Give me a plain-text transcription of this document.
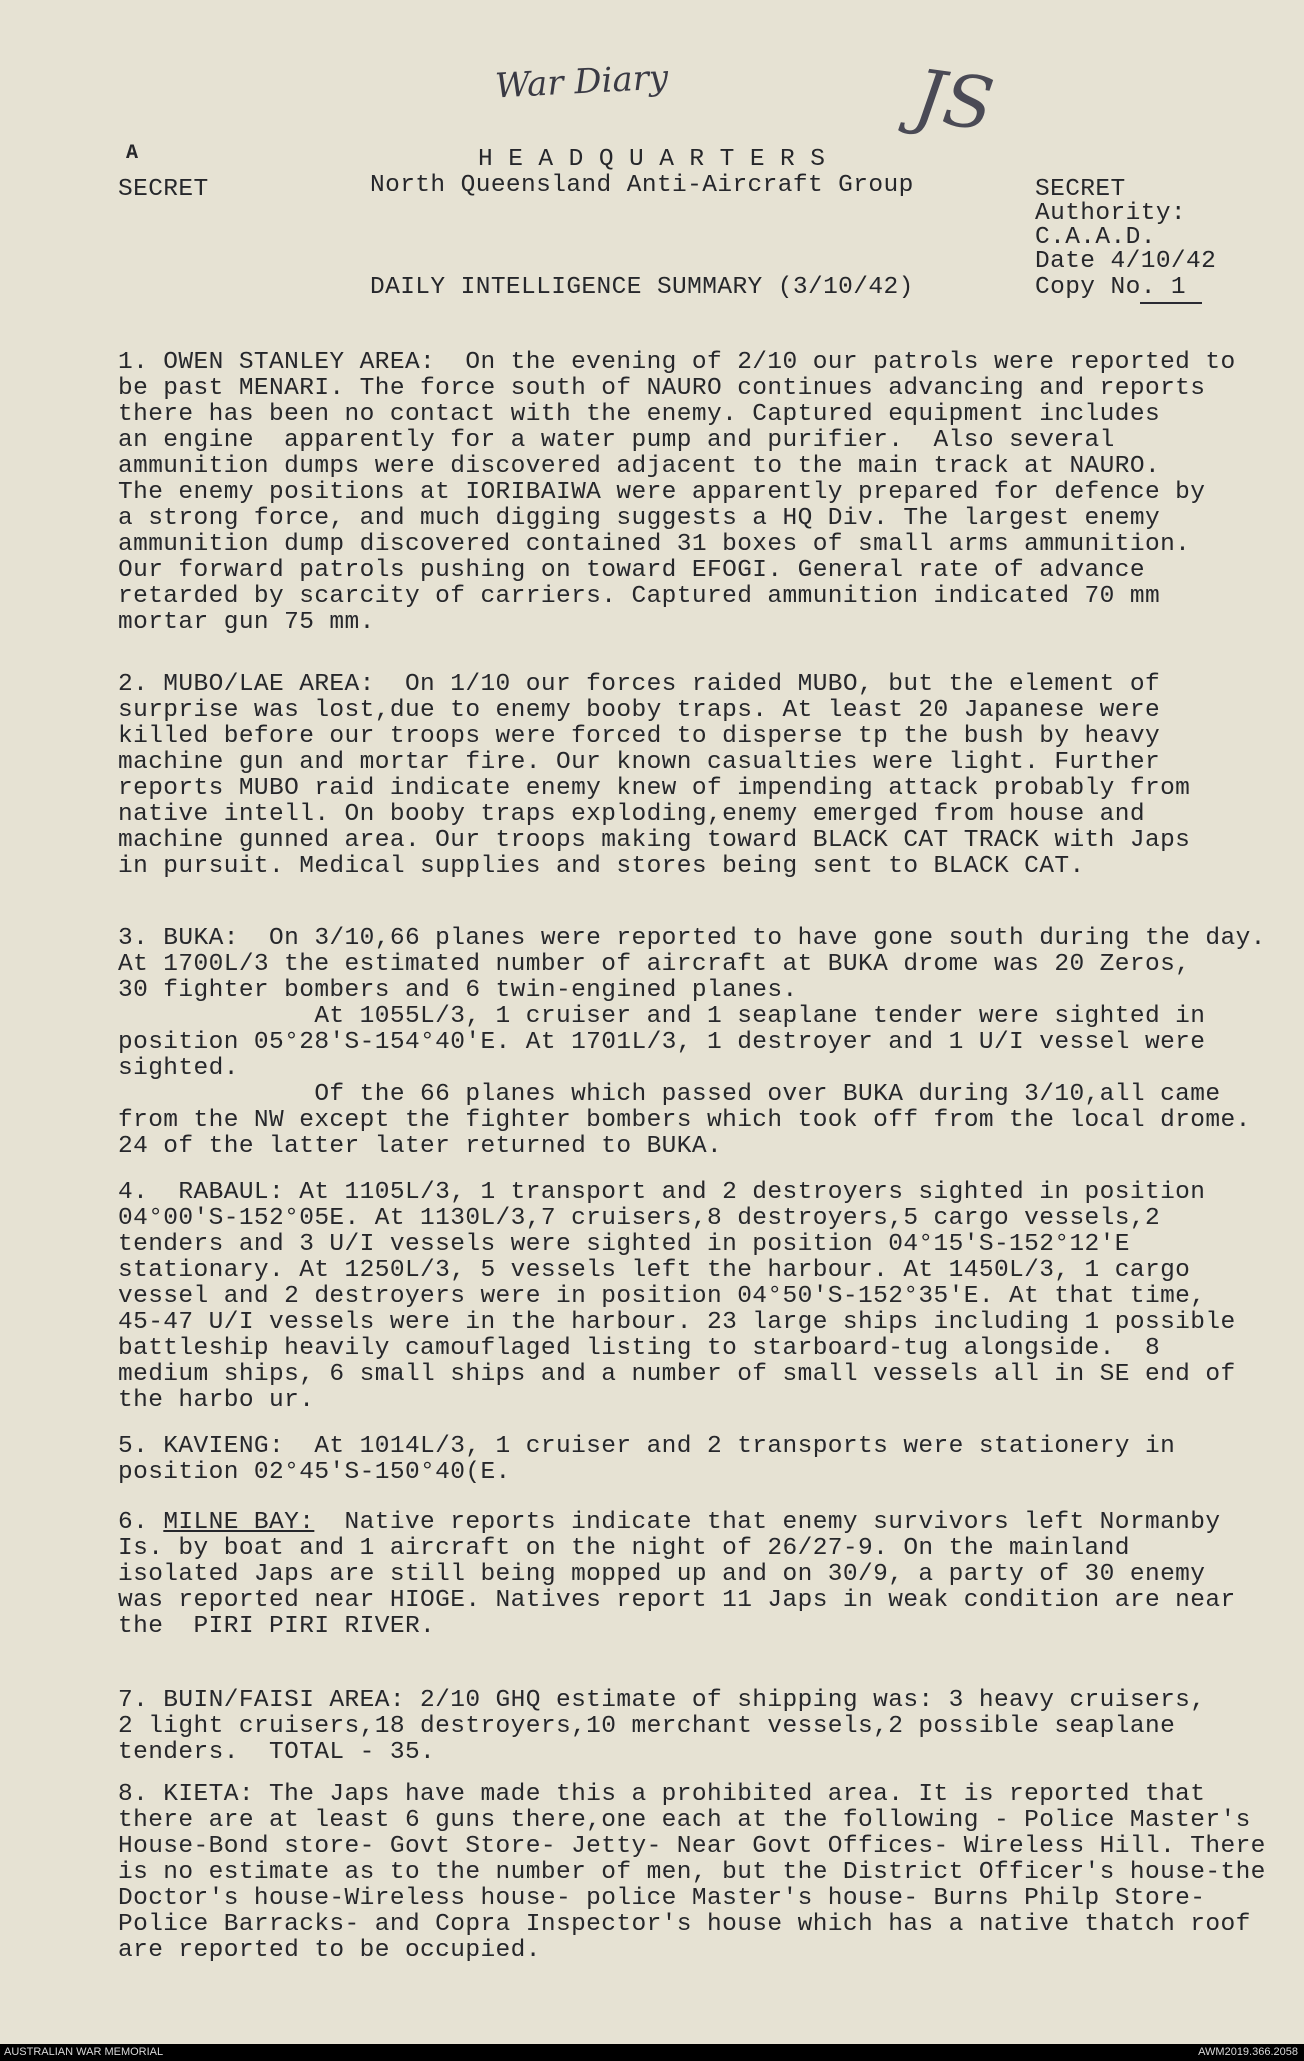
War Diary	JS
A
SECRET
H E A D Q U A R T E R S
North Queensland Anti-Aircraft Group
DAILY INTELLIGENCE SUMMARY (3/10/42)
SECRET
Authority:
C.A.A.D.
Date 4/10/42
Copy No. 1
1. OWEN STANLEY AREA:  On the evening of 2/10 our patrols were reported to
be past MENARI. The force south of NAURO continues advancing and reports
there has been no contact with the enemy. Captured equipment includes
an engine  apparently for a water pump and purifier.  Also several
ammunition dumps were discovered adjacent to the main track at NAURO.
The enemy positions at IORIBAIWA were apparently prepared for defence by
a strong force, and much digging suggests a HQ Div. The largest enemy
ammunition dump discovered contained 31 boxes of small arms ammunition.
Our forward patrols pushing on toward EFOGI. General rate of advance
retarded by scarcity of carriers. Captured ammunition indicated 70 mm
mortar gun 75 mm.
2. MUBO/LAE AREA:  On 1/10 our forces raided MUBO, but the element of
surprise was lost,due to enemy booby traps. At least 20 Japanese were
killed before our troops were forced to disperse tp the bush by heavy
machine gun and mortar fire. Our known casualties were light. Further
reports MUBO raid indicate enemy knew of impending attack probably from
native intell. On booby traps exploding,enemy emerged from house and
machine gunned area. Our troops making toward BLACK CAT TRACK with Japs
in pursuit. Medical supplies and stores being sent to BLACK CAT.
3. BUKA:  On 3/10,66 planes were reported to have gone south during the day.
At 1700L/3 the estimated number of aircraft at BUKA drome was 20 Zeros,
30 fighter bombers and 6 twin-engined planes.
At 1055L/3, 1 cruiser and 1 seaplane tender were sighted in
position 05°28'S-154°40'E. At 1701L/3, 1 destroyer and 1 U/I vessel were
sighted.
Of the 66 planes which passed over BUKA during 3/10,all came
from the NW except the fighter bombers which took off from the local drome.
24 of the latter later returned to BUKA.
4.  RABAUL: At 1105L/3, 1 transport and 2 destroyers sighted in position
04°00'S-152°05E. At 1130L/3,7 cruisers,8 destroyers,5 cargo vessels,2
tenders and 3 U/I vessels were sighted in position 04°15'S-152°12'E
stationary. At 1250L/3, 5 vessels left the harbour. At 1450L/3, 1 cargo
vessel and 2 destroyers were in position 04°50'S-152°35'E. At that time,
45-47 U/I vessels were in the harbour. 23 large ships including 1 possible
battleship heavily camouflaged listing to starboard-tug alongside.  8
medium ships, 6 small ships and a number of small vessels all in SE end of
the harbo ur.
5. KAVIENG:  At 1014L/3, 1 cruiser and 2 transports were stationery in
position 02°45'S-150°40(E.
6. MILNE BAY:  Native reports indicate that enemy survivors left Normanby
Is. by boat and 1 aircraft on the night of 26/27-9. On the mainland
isolated Japs are still being mopped up and on 30/9, a party of 30 enemy
was reported near HIOGE. Natives report 11 Japs in weak condition are near
the  PIRI PIRI RIVER.
7. BUIN/FAISI AREA: 2/10 GHQ estimate of shipping was: 3 heavy cruisers,
2 light cruisers,18 destroyers,10 merchant vessels,2 possible seaplane
tenders.  TOTAL - 35.
8. KIETA: The Japs have made this a prohibited area. It is reported that
there are at least 6 guns there,one each at the following - Police Master's
House-Bond store- Govt Store- Jetty- Near Govt Offices- Wireless Hill. There
is no estimate as to the number of men, but the District Officer's house-the
Doctor's house-Wireless house- police Master's house- Burns Philp Store-
Police Barracks- and Copra Inspector's house which has a native thatch roof
are reported to be occupied.
AUSTRALIAN WAR MEMORIAL	AWM2019.366.2058
